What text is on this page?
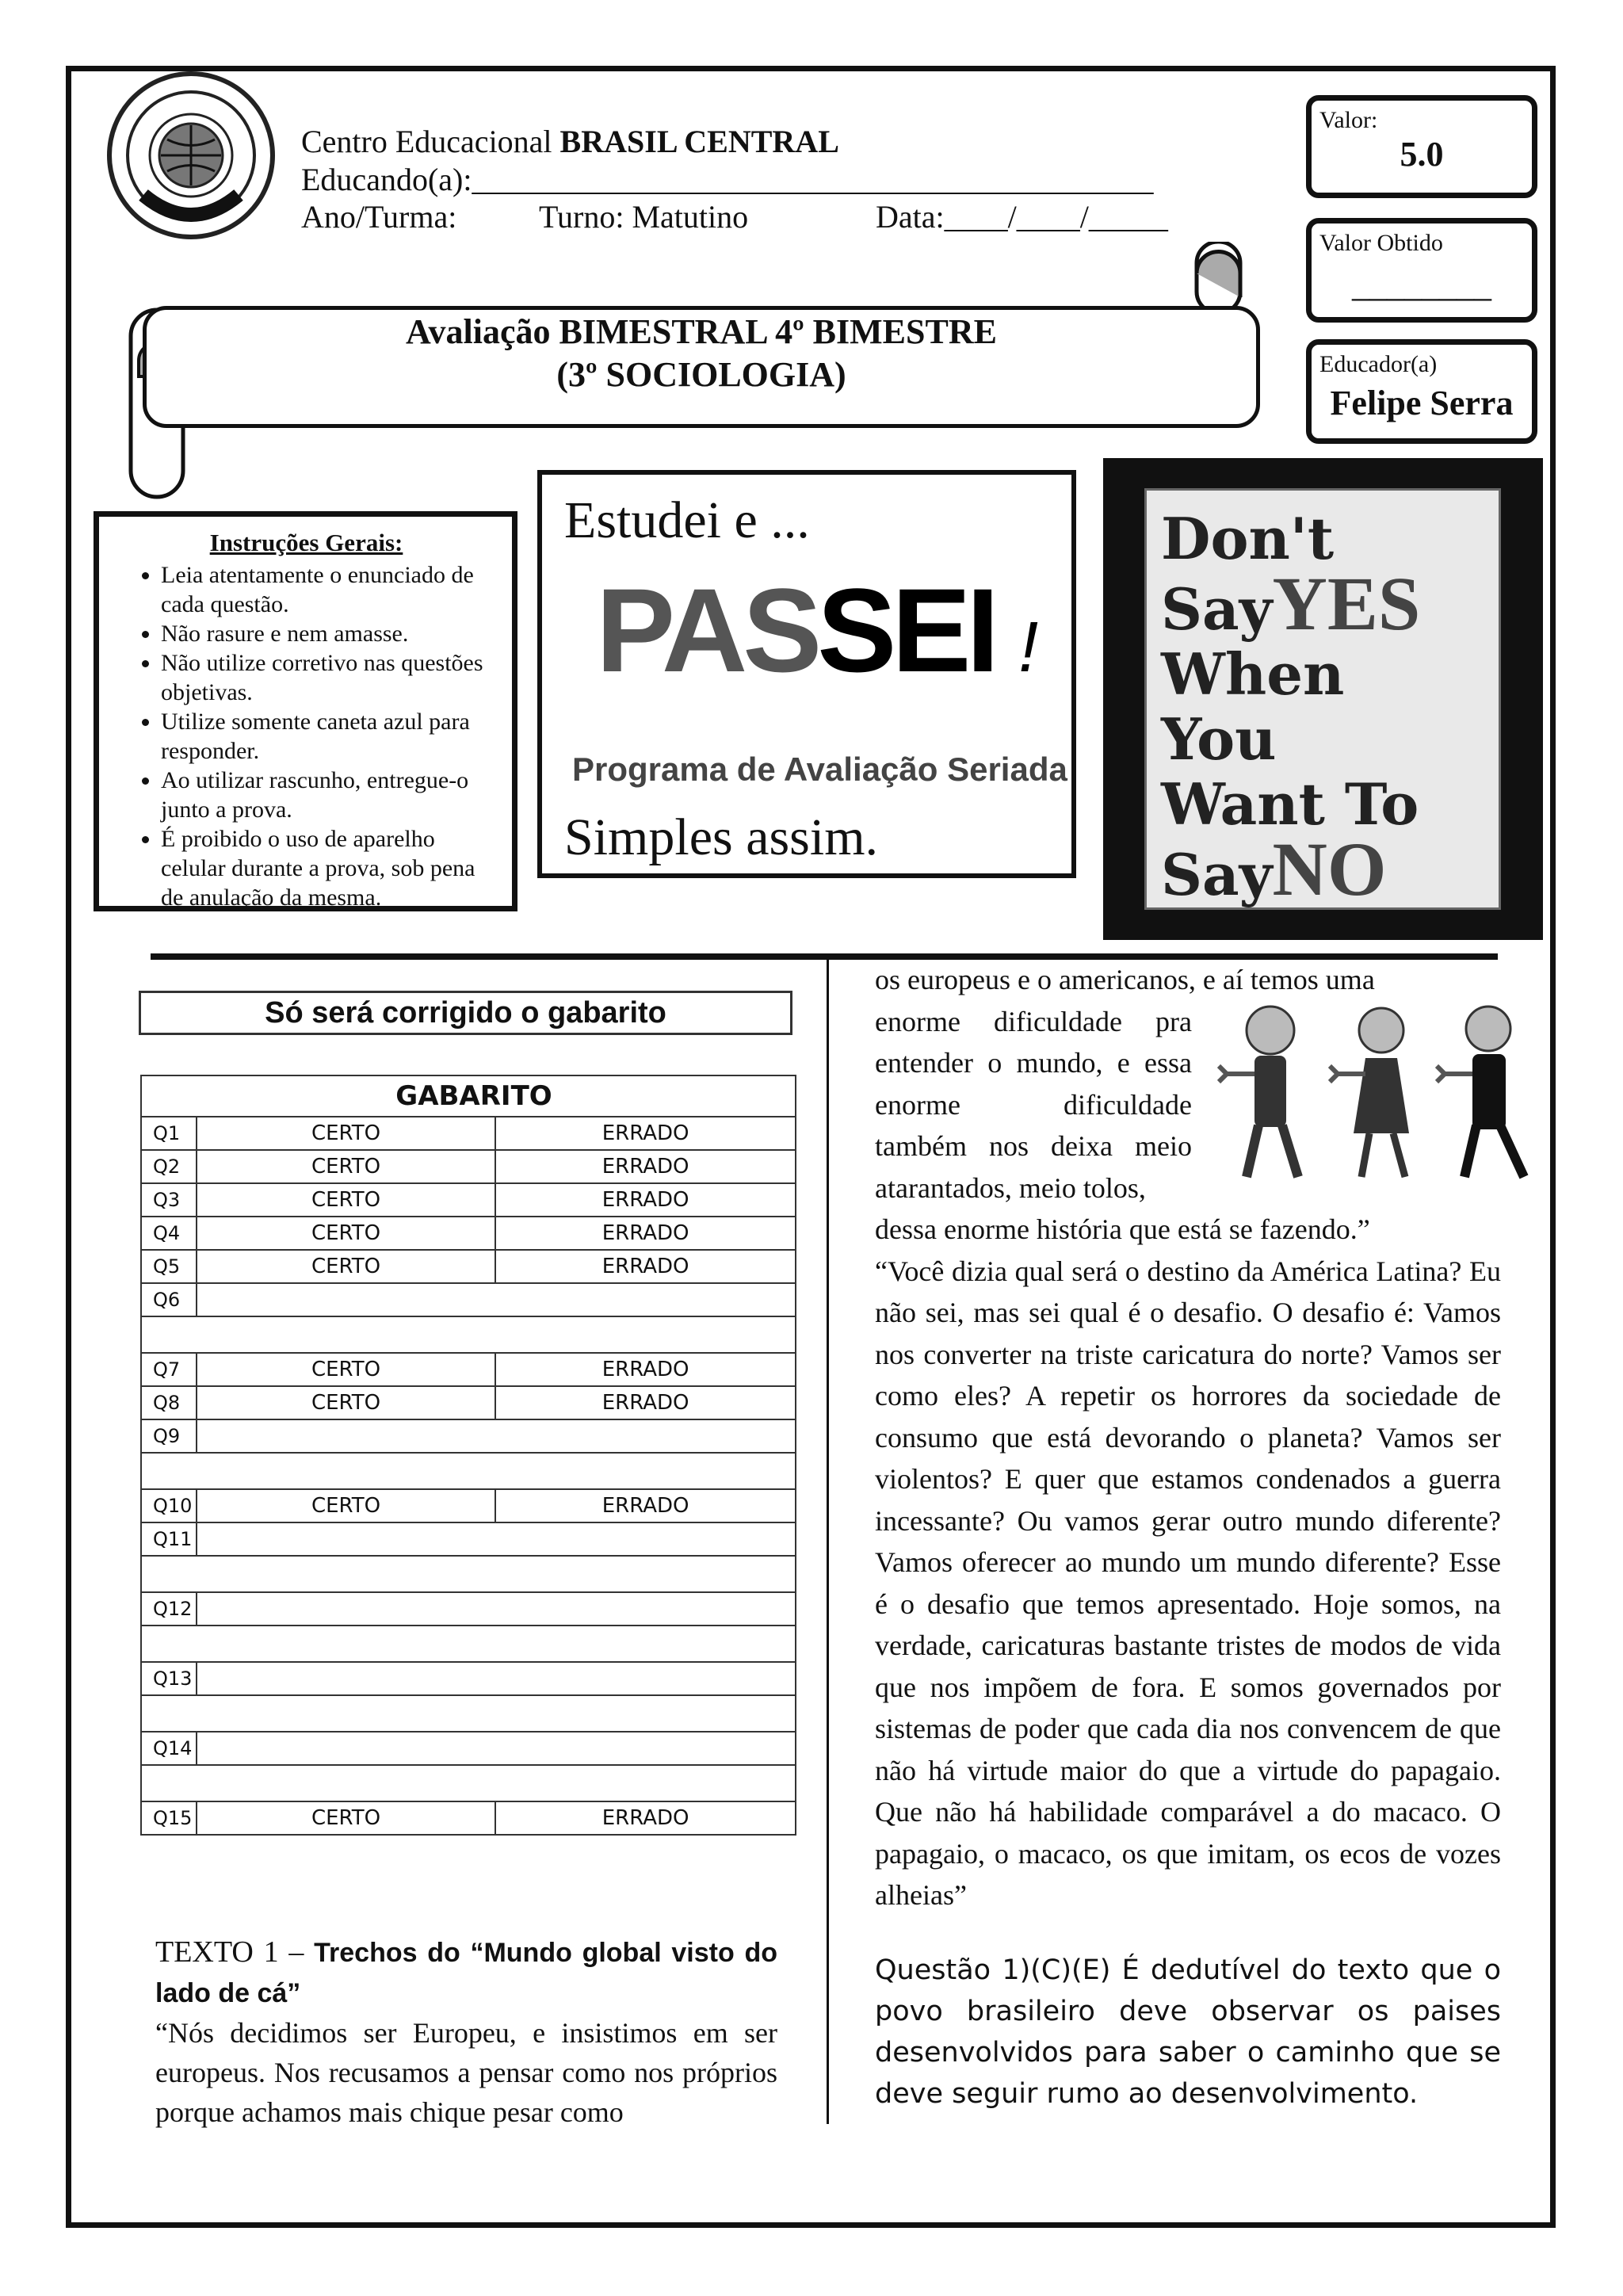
Centro Educacional BRASIL CENTRAL
Educando(a):___________________________________________
Ano/Turma:	Turno: Matutino	Data:____/____/_____
Valor:
5.0
Valor Obtido
________
Educador(a)
Felipe Serra
Avaliação BIMESTRAL 4º BIMESTRE
(3º SOCIOLOGIA)
Instruções Gerais:
• Leia atentamente o enunciado de cada questão.
• Não rasure e nem amasse.
• Não utilize corretivo nas questões objetivas.
• Utilize somente caneta azul para responder.
• Ao utilizar rascunho, entregue-o junto a prova.
• É proibido o uso de aparelho celular durante a prova, sob pena de anulação da mesma.
Estudei e ...
PASSEI !
Programa de Avaliação Seriada
Simples assim.
Don't
SayYES
When
You
Want To
SayNO
Só será corrigido o gabarito
GABARITO		
Q1	CERTO	ERRADO
Q2	CERTO	ERRADO
Q3	CERTO	ERRADO
Q4	CERTO	ERRADO
Q5	CERTO	ERRADO
Q6		

Q7	CERTO	ERRADO
Q8	CERTO	ERRADO
Q9		

Q10	CERTO	ERRADO
Q11		

Q12		

Q13		

Q14		

Q15	CERTO	ERRADO
TEXTO 1 – Trechos do “Mundo global visto do lado de cá”
“Nós decidimos ser Europeu, e insistimos em ser europeus. Nos recusamos a pensar como nos próprios porque achamos mais chique pesar como
os europeus e o americanos, e aí temos uma
enorme dificuldade pra entender o mundo, e essa enorme dificuldade também nos deixa meio atarantados, meio tolos,
dessa enorme história que está se fazendo.”
“Você dizia qual será o destino da América Latina? Eu não sei, mas sei qual é o desafio. O desafio é: Vamos nos converter na triste caricatura do norte? Vamos ser como eles? A repetir os horrores da sociedade de consumo que está devorando o planeta? Vamos ser violentos? E quer que estamos condenados a guerra incessante? Ou vamos gerar outro mundo diferente? Vamos oferecer ao mundo um mundo diferente? Esse é o desafio que temos apresentado. Hoje somos, na verdade, caricaturas bastante tristes de modos de vida que nos impõem de fora. E somos governados por sistemas de poder que cada dia nos convencem de que não há virtude maior do que a virtude do papagaio. Que não há habilidade comparável a do macaco. O papagaio, o macaco, os que imitam, os ecos de vozes alheias”
Questão 1)(C)(E) É dedutível do texto que o povo brasileiro deve observar os paises desenvolvidos para saber o caminho que se deve seguir rumo ao desenvolvimento.
